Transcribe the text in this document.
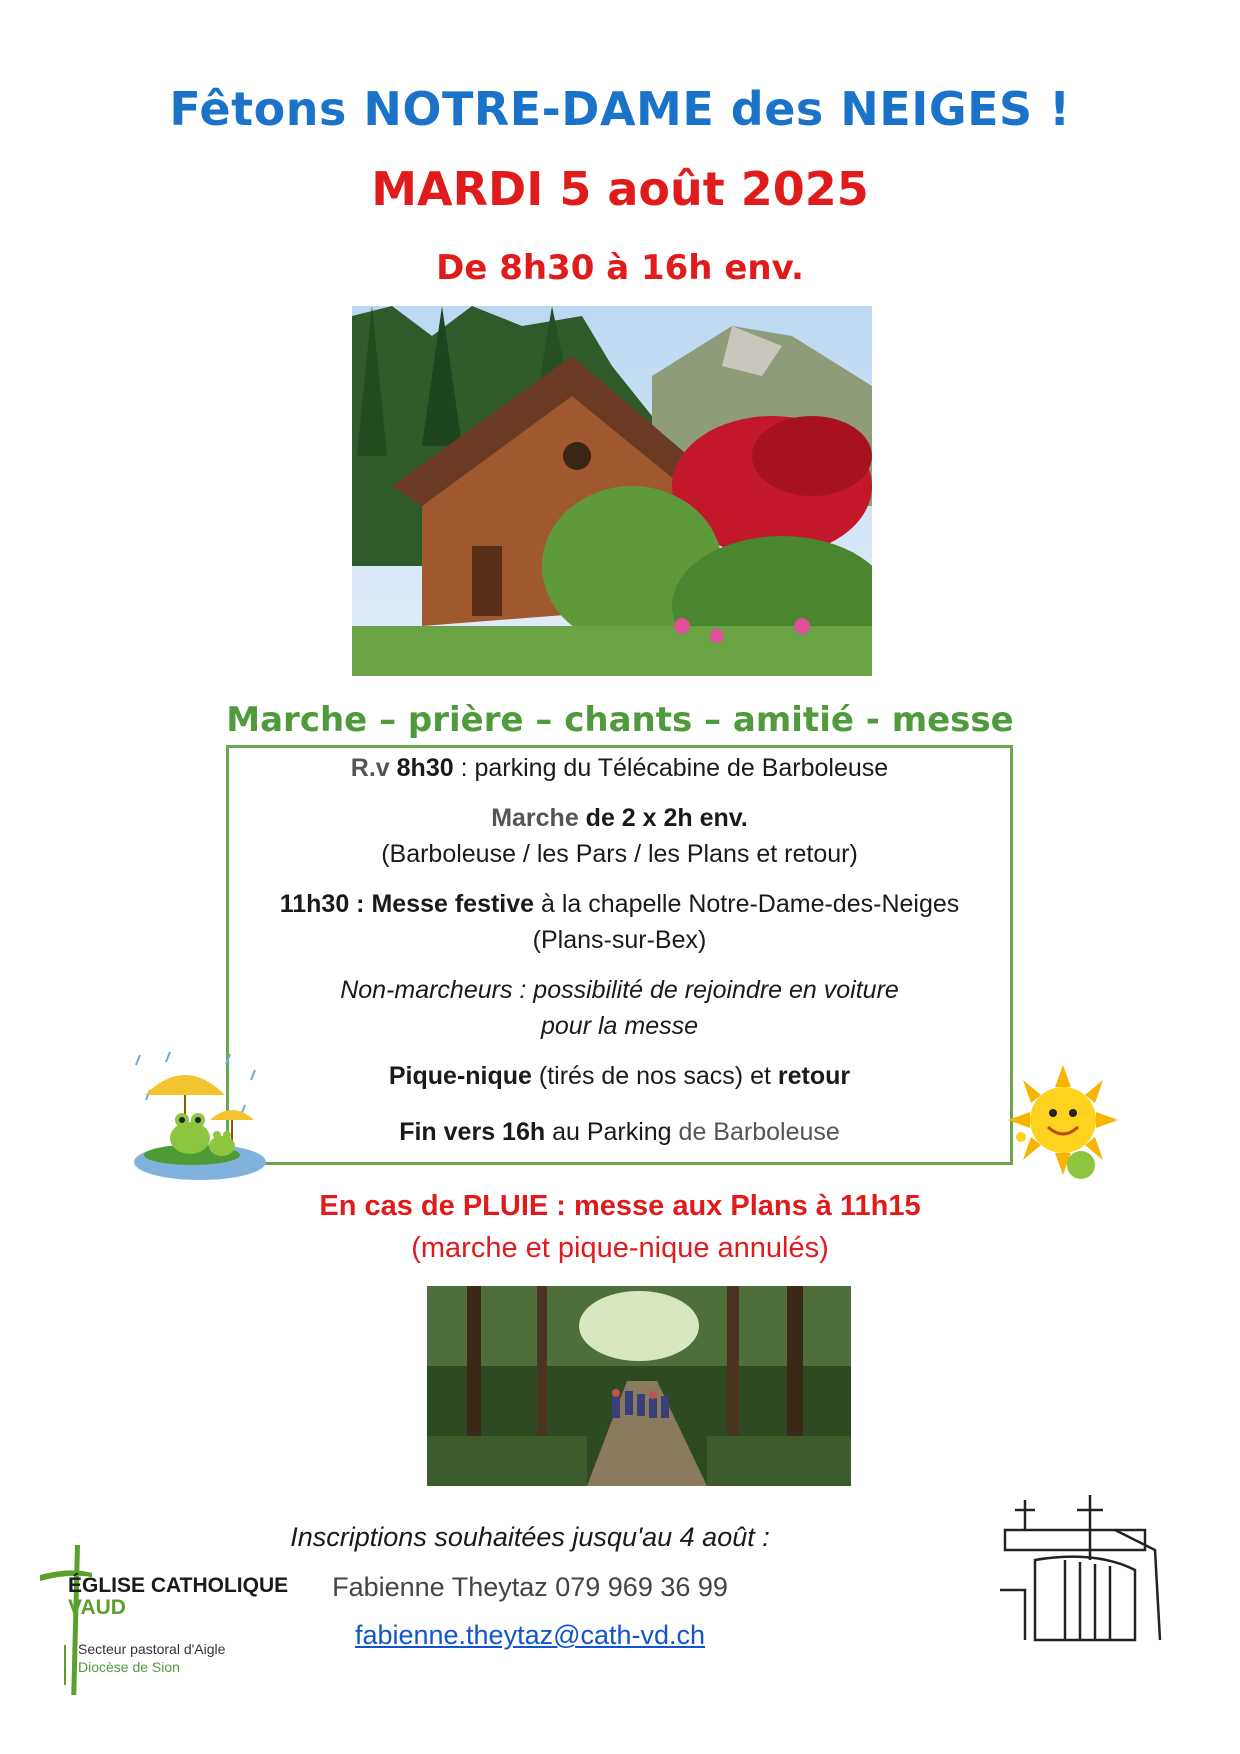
Fêtons NOTRE-DAME des NEIGES !
MARDI 5 août 2025
De 8h30 à 16h env.
Marche – prière – chants – amitié - messe
R.v 8h30 : parking du Télécabine de Barboleuse
Marche de 2 x 2h env.
(Barboleuse / les Pars / les Plans et retour)
11h30 : Messe festive à la chapelle Notre-Dame-des-Neiges
(Plans-sur-Bex)
Non-marcheurs : possibilité de rejoindre en voiture
pour la messe
Pique-nique (tirés de nos sacs) et retour
Fin vers 16h au Parking de Barboleuse
En cas de PLUIE : messe aux Plans à 11h15
(marche et pique-nique annulés)
ÉGLISE CATHOLIQUE
VAUD
Secteur pastoral d'Aigle
Diocèse de Sion
Inscriptions souhaitées jusqu'au 4 août :
Fabienne Theytaz 079 969 36 99
fabienne.theytaz@cath-vd.ch
